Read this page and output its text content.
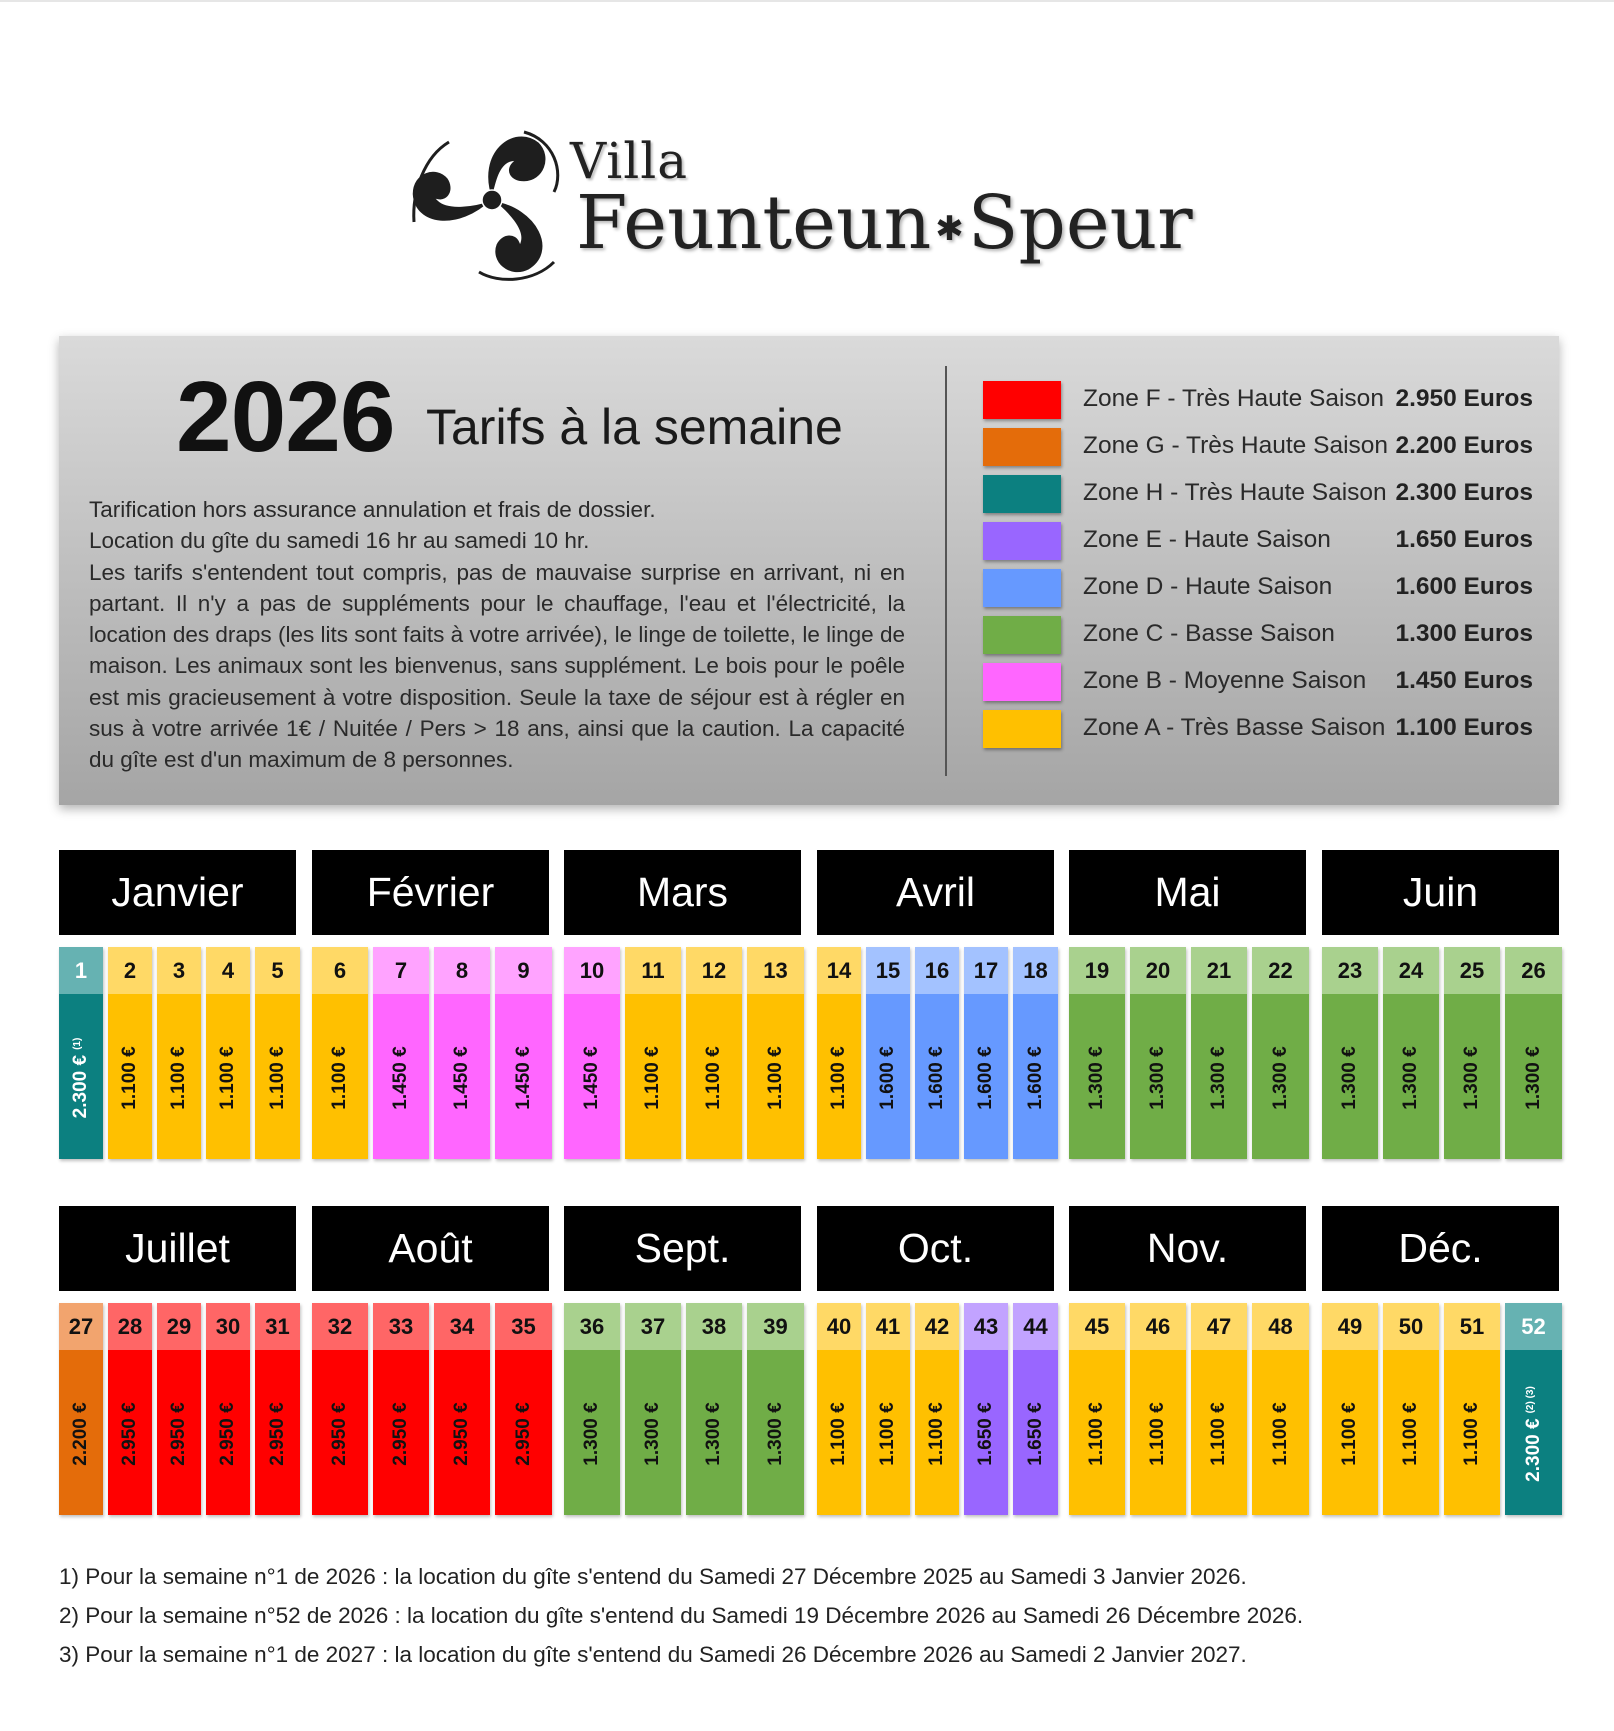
Villa
Feunteun ✱Speur
2026 Tarifs à la semaine

Tarification hors assurance annulation et frais de dossier.

Location du gîte du samedi 16 hr au samedi 10 hr.

Les tarifs s'entendent tout compris, pas de mauvaise surprise en arrivant, ni en partant. Il n'y a pas de suppléments pour le chauffage, l'eau et l'électricité, la location des draps (les lits sont faits à votre arrivée), le linge de toilette, le linge de maison. Les animaux sont les bienvenus, sans supplément. Le bois pour le poêle est mis gracieusement à votre disposition. Seule la taxe de séjour est à régler en sus à votre arrivée 1€ / Nuitée / Pers > 18 ans, ainsi que la caution. La capacité du gîte est d'un maximum de 8 personnes.

Zone F - Très Haute Saison 2.950 Euros
Zone G - Très Haute Saison 2.200 Euros
Zone H - Très Haute Saison 2.300 Euros
Zone E - Haute Saison	1.650 Euros
Zone D - Haute Saison	1.600 Euros
Zone C - Basse Saison 1.300 Euros
Zone B - Moyenne Saison 1.450 Euros
Zone A - Très Basse Saison 1.100 Euros
Janvier
1
2.300 €$^{(1)}$
2
1.100 €
3
1.100 €
4
1.100 €
5
1.100 €
Février
6
1.100 €
7
1.450 €
8
1.450 €
9
1.450 €
Mars
10
1.450 €
11
1.100 €
12
1.100 €
13
1.100 €
Avril
14
1.100 €
15
1.600 €
16
1.600 €
17
1.600 €
18
1.600 €
Mai
19
1.300 €
20
1.300 €
21
1.300 €
22
1.300 €
Juin
23
1.300 €
24
1.300 €
25
1.300 €
26
1.300 €
Juillet
27
2.200 €
28
2.950 €
29
2.950 €
30
2.950 €
31
2.950 €
Août
32
2.950 €
33
2.950 €
34
2.950 €
35
2.950 €
Sept.
36
1.300 €
37
1.300 €
38
1.300 €
39
1.300 €
Oct.
40
1.100 €
41
1.100 €
42
1.100 €
43
1.650 €
44
1.650 €
Nov.
45
1.100 €
46
1.100 €
47
1.100 €
48
1.100 €
Déc.
49
1.100 €
50
1.100 €
51
1.100 €
52
2.300 €$^{(2) (3)}$
1) Pour la semaine n°1 de 2026 : la location du gîte s'entend du Samedi 27 Décembre 2025 au Samedi 3 Janvier 2026.
2) Pour la semaine n°52 de 2026 : la location du gîte s'entend du Samedi 19 Décembre 2026 au Samedi 26 Décembre 2026.
3) Pour la semaine n°1 de 2027 : la location du gîte s'entend du Samedi 26 Décembre 2026 au Samedi 2 Janvier 2027.
